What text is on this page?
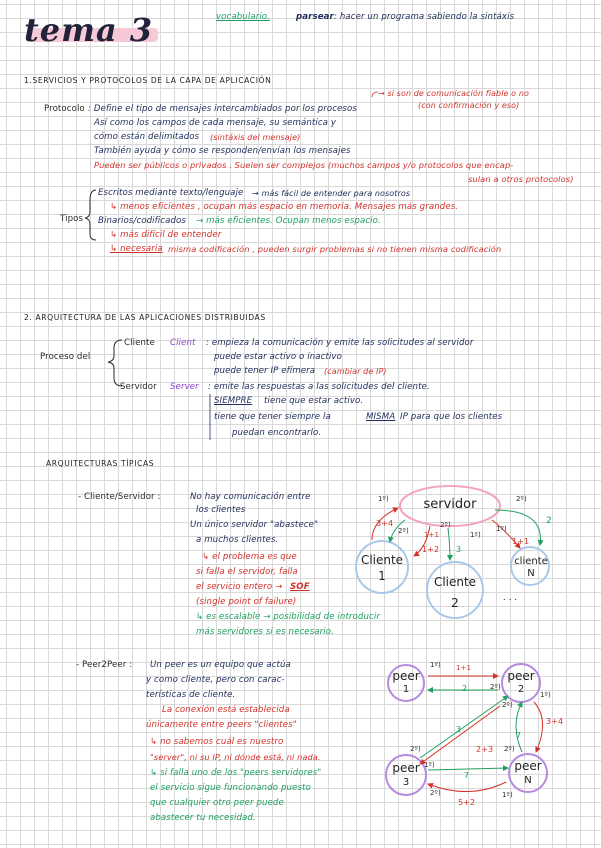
tema 3	vocabulario.	parsear : hacer un programa sabiendo la sintáxis
1.SERVICIOS Y PROTOCOLOS DE LA CAPA DE APLICACIÓN
→ si son de comunicación fiable o no
(con confirmación y eso)
Protocolo : Define el tipo de mensajes intercambiados por los procesos
Así como los campos de cada mensaje, su semántica y
cómo están delimitados (sintáxis del mensaje)
También ayuda y cómo se responden/envían los mensajes
Pueden ser públicos o privados . Suelen ser complejos (muchos campos y/o protocolos que encap-
sulan a otros protocolos)
Tipos
Escritos mediante texto/lenguaje → más fácil de entender para nosotros
↳ menos eficientes , ocupan más espacio en memoria. Mensajes más grandes.
Binarios/codificados → más eficientes. Ocupan menos espacio.
↳ más difícil de entender
↳ necesaria misma codificación , pueden surgir problemas si no tienen misma codificación
2. ARQUITECTURA DE LAS APLICACIONES DISTRIBUIDAS
Proceso del
Cliente Client : empieza la comunicación y emite las solicitudes al servidor
puede estar activo o inactivo
puede tener IP efímera (cambiar de IP)
Servidor Server : emite las respuestas a las solicitudes del cliente.
SIEMPRE tiene que estar activo.
tiene que tener siempre la	MISMA IP para que los clientes
puedan encontrarlo.
ARQUITECTURAS TÍPICAS
- Cliente/Servidor :	No hay comunicación entre
los clientes
Un único servidor "abastece"
a muchos clientes.
↳ el problema es que
si falla el servidor, falla
el servicio entero → SOF
(single point of failure)
↳ es escalable → posibilidad de introducir
más servidores si es necesario.
- Peer2Peer : Un peer es un equipo que actúa
y como cliente, pero con carac-
terísticas de cliente.
La conexión está establecida
únicamente entre peers "clientes"
↳ no sabemos cuál es nuestro
"server", ni su IP, ni dónde está, ni nada.
↳ si falla uno de los "peers servidores"
el servicio sigue funcionando puesto
que cualquier otro peer puede
abastecer tu necesidad.
servidor
Cliente
1	Cliente
2
cliente
N
. . .
1º)
3+4
2º) 1+1
2º)
1+2 3
1º)
2º)
2
1+1
1º)
peer
1
peer
2
peer
3
peer
N
1º) 1+1
2º)
2
1º)
3+4
3
2+3 2º)
7
2º)
1º)
5+2
7
2º)	1º)
2º)
